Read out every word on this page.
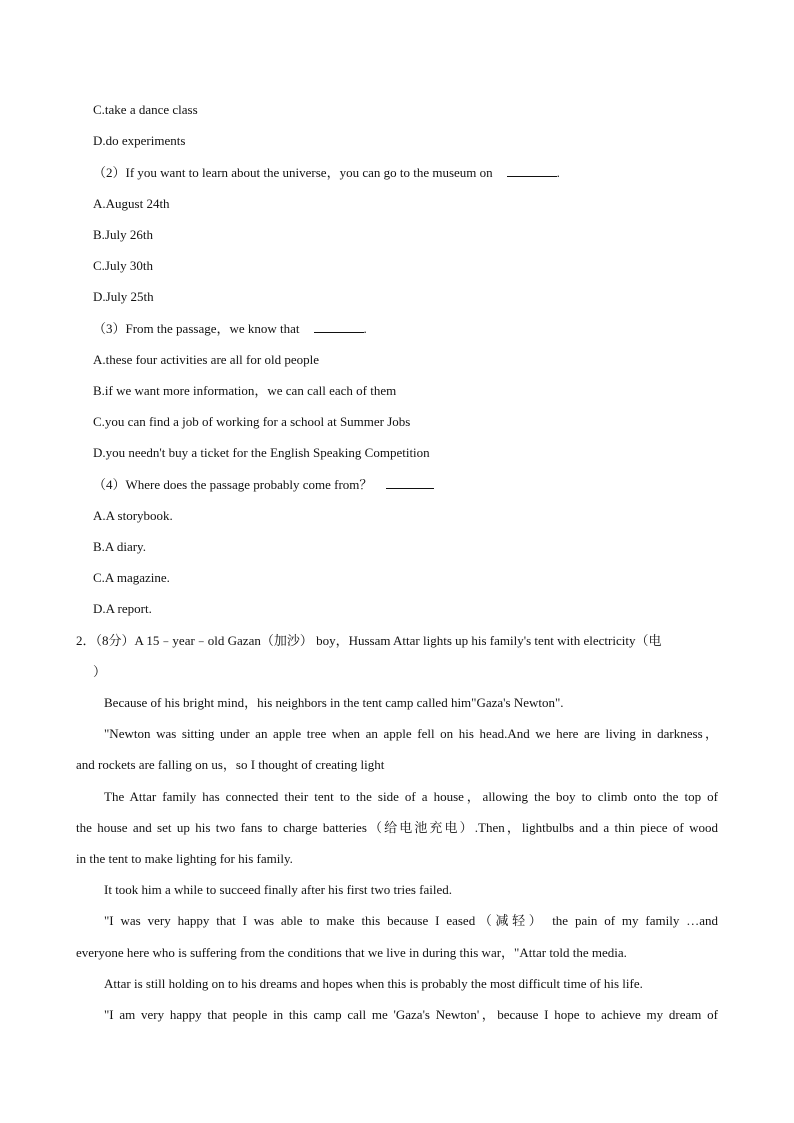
C.take a dance class
D.do experiments
（2）If you want to learn about the universe，you can go to the museum on	.
A.August 24th
B.July 26th
C.July 30th
D.July 25th
（3）From the passage，we know that	.
A.these four activities are all for old people
B.if we want more information，we can call each of them
C.you can find a job of working for a school at Summer Jobs
D.you needn't buy a ticket for the English Speaking Competition
（4）Where does the passage probably come from？
A.A storybook.
B.A diary.
C.A magazine.
D.A report.
2．（8分）A 15﹣year﹣old Gazan（加沙） boy，Hussam Attar lights up his family's tent with electricity（电
）
Because of his bright mind，his neighbors in the tent camp called him"Gaza's Newton".
"Newton was sitting under an apple tree when an apple fell on his head.And we here are living in darkness，
and rockets are falling on us，so I thought of creating light
The Attar family has connected their tent to the side of a house，allowing the boy to climb onto the top of
the house and set up his two fans to charge batteries（给电池充电）.Then，lightbulbs and a thin piece of wood
in the tent to make lighting for his family.
It took him a while to succeed finally after his first two tries failed.
"I was very happy that I was able to make this because I eased（减轻） the pain of my family …and
everyone here who is suffering from the conditions that we live in during this war，"Attar told the media.
Attar is still holding on to his dreams and hopes when this is probably the most difficult time of his life.
"I am very happy that people in this camp call me 'Gaza's Newton'，because I hope to achieve my dream of
